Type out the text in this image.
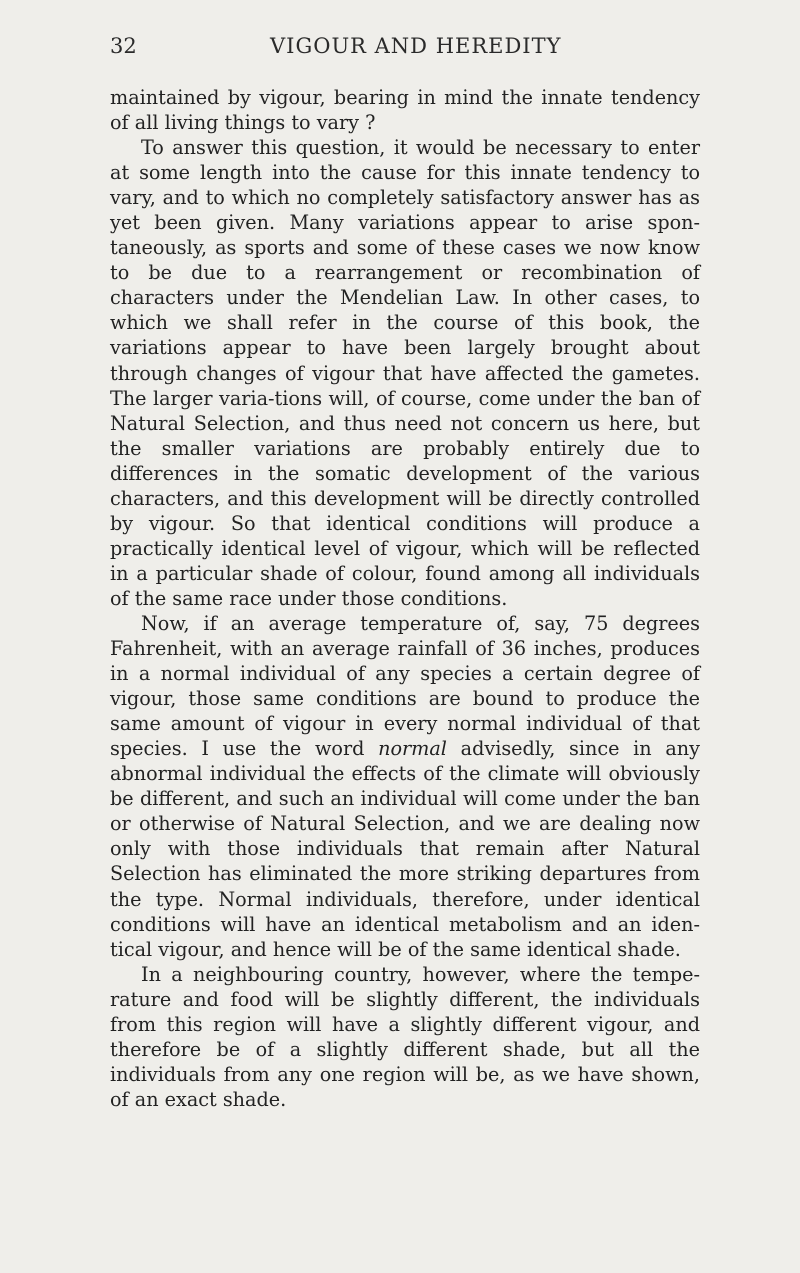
32	VIGOUR AND HEREDITY

maintained by vigour, bearing in mind the innate tendency of all living things to vary ?

To answer this question, it would be necessary to enter at some length into the cause for this innate tendency to vary, and to which no completely satisfactory answer has as yet been given. Many variations appear to arise spon-taneously, as sports and some of these cases we now know to be due to a rearrangement or recombination of characters under the Mendelian Law. In other cases, to which we shall refer in the course of this book, the variations appear to have been largely brought about through changes of vigour that have affected the gametes. The larger varia-tions will, of course, come under the ban of Natural Selection, and thus need not concern us here, but the smaller variations are probably entirely due to differences in the somatic development of the various characters, and this development will be directly controlled by vigour. So that identical conditions will produce a practically identical level of vigour, which will be reflected in a particular shade of colour, found among all individuals of the same race under those conditions.

Now, if an average temperature of, say, 75 degrees Fahrenheit, with an average rainfall of 36 inches, produces in a normal individual of any species a certain degree of vigour, those same conditions are bound to produce the same amount of vigour in every normal individual of that species. I use the word normal advisedly, since in any abnormal individual the effects of the climate will obviously be different, and such an individual will come under the ban or otherwise of Natural Selection, and we are dealing now only with those individuals that remain after Natural Selection has eliminated the more striking departures from the type. Normal individuals, therefore, under identical conditions will have an identical metabolism and an iden-tical vigour, and hence will be of the same identical shade.

In a neighbouring country, however, where the tempe-rature and food will be slightly different, the individuals from this region will have a slightly different vigour, and therefore be of a slightly different shade, but all the individuals from any one region will be, as we have shown, of an exact shade.
